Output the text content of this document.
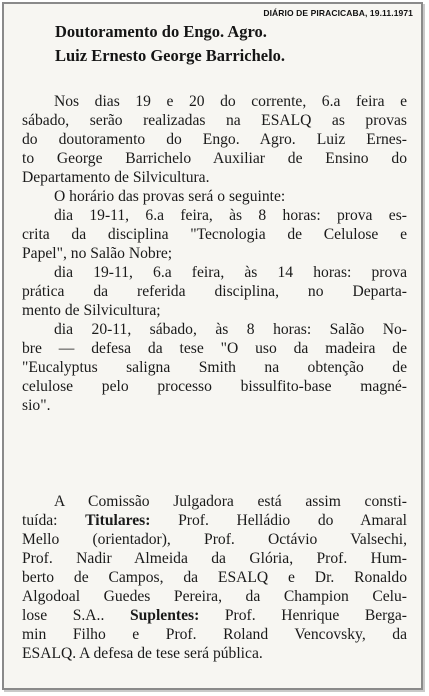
DIÁRIO DE PIRACICABA, 19.11.1971
Doutoramento do Engo. Agro.
Luiz Ernesto George Barrichelo.
Nos dias 19 e 20 do corrente, 6.a feira e
sábado, serão realizadas na ESALQ as provas
do doutoramento do Engo. Agro. Luiz Ernes-
to George Barrichelo Auxiliar de Ensino do
Departamento de Silvicultura.
O horário das provas será o seguinte:
dia 19-11, 6.a feira, às 8 horas: prova es-
crita da disciplina "Tecnologia de Celulose e
Papel", no Salão Nobre;
dia 19-11, 6.a feira, às 14 horas: prova
prática da referida disciplina, no Departa-
mento de Silvicultura;
dia 20-11, sábado, às 8 horas: Salão No-
bre — defesa da tese "O uso da madeira de
"Eucalyptus saligna Smith na obtenção de
celulose pelo processo bissulfito-base magné-
sio".
A Comissão Julgadora está assim consti-
tuída: Titulares: Prof. Helládio do Amaral
Mello (orientador), Prof. Octávio Valsechi,
Prof. Nadir Almeida da Glória, Prof. Hum-
berto de Campos, da ESALQ e Dr. Ronaldo
Algodoal Guedes Pereira, da Champion Celu-
lose S.A.. Suplentes: Prof. Henrique Berga-
min Filho e Prof. Roland Vencovsky, da
ESALQ. A defesa de tese será pública.
